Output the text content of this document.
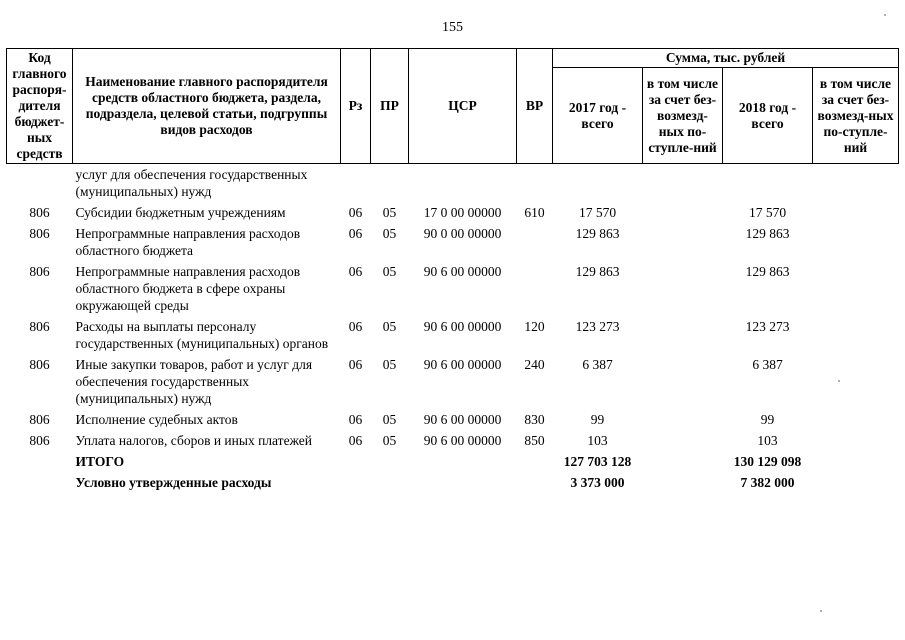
155
Код главного распоря-дителя бюджет-ных средств	Наименование главного распорядителя средств областного бюджета, раздела, подраздела, целевой статьи, подгруппы видов расходов	Рз	ПР	ЦСР	ВР	Сумма, тыс. рублей			
						2017 год - всего	в том числе за счет без-возмезд-ных по-ступле-ний	2018 год - всего	в том числе за счет без-возмезд-ных по-ступле-ний
	услуг для обеспечения государственных (муниципальных) нужд								

806	Субсидии бюджетным учреждениям	06	05	17 0 00 00000	610	17 570		17 570	

806	Непрограммные направления расходов областного бюджета	06	05	90 0 00 00000		129 863		129 863	

806	Непрограммные направления расходов областного бюджета в сфере охраны окружающей среды	06	05	90 6 00 00000		129 863		129 863	

806	Расходы на выплаты персоналу государственных (муниципальных) органов	06	05	90 6 00 00000	120	123 273		123 273	

806	Иные закупки товаров, работ и услуг для обеспечения государственных (муниципальных) нужд	06	05	90 6 00 00000	240	6 387		6 387	

806	Исполнение судебных актов	06	05	90 6 00 00000	830	99		99	

806	Уплата налогов, сборов и иных платежей	06	05	90 6 00 00000	850	103		103	

	ИТОГО					127 703 128		130 129 098	

	Условно утвержденные расходы					3 373 000		7 382 000	
